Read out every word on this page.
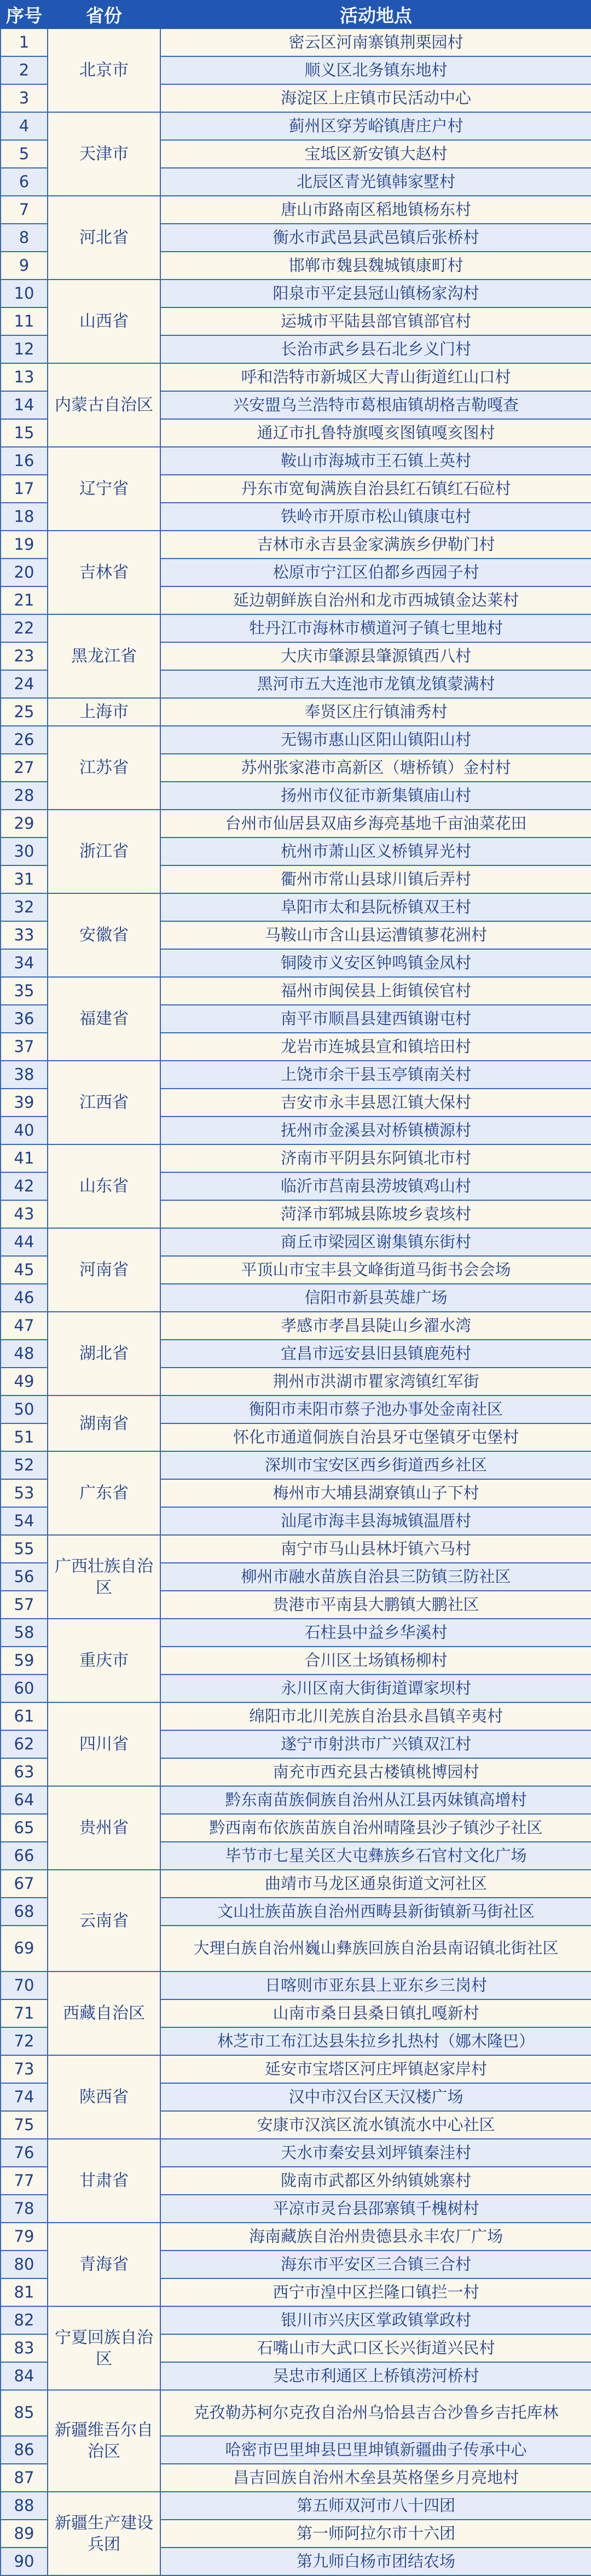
序号	省份	活动地点
1	北京市	密云区河南寨镇荆栗园村
2		顺义区北务镇东地村
3		海淀区上庄镇市民活动中心
4	天津市	蓟州区穿芳峪镇唐庄户村
5		宝坻区新安镇大赵村
6		北辰区青光镇韩家墅村
7	河北省	唐山市路南区稻地镇杨东村
8		衡水市武邑县武邑镇后张桥村
9		邯郸市魏县魏城镇康町村
10	山西省	阳泉市平定县冠山镇杨家沟村
11		运城市平陆县部官镇部官村
12		长治市武乡县石北乡义门村
13	内蒙古自治区	呼和浩特市新城区大青山街道红山口村
14		兴安盟乌兰浩特市葛根庙镇胡格吉勒嘎查
15		通辽市扎鲁特旗嘎亥图镇嘎亥图村
16	辽宁省	鞍山市海城市王石镇上英村
17		丹东市宽甸满族自治县红石镇红石砬村
18		铁岭市开原市松山镇康屯村
19	吉林省	吉林市永吉县金家满族乡伊勒门村
20		松原市宁江区伯都乡西园子村
21		延边朝鲜族自治州和龙市西城镇金达莱村
22	黑龙江省	牡丹江市海林市横道河子镇七里地村
23		大庆市肇源县肇源镇西八村
24		黑河市五大连池市龙镇龙镇蒙满村
25	上海市	奉贤区庄行镇浦秀村
26	江苏省	无锡市惠山区阳山镇阳山村
27		苏州张家港市高新区（塘桥镇）金村村
28		扬州市仪征市新集镇庙山村
29	浙江省	台州市仙居县双庙乡海亮基地千亩油菜花田
30		杭州市萧山区义桥镇昇光村
31		衢州市常山县球川镇后弄村
32	安徽省	阜阳市太和县阮桥镇双王村
33		马鞍山市含山县运漕镇蓼花洲村
34		铜陵市义安区钟鸣镇金凤村
35	福建省	福州市闽侯县上街镇侯官村
36		南平市顺昌县建西镇谢屯村
37		龙岩市连城县宣和镇培田村
38	江西省	上饶市余干县玉亭镇南关村
39		吉安市永丰县恩江镇大保村
40		抚州市金溪县对桥镇横源村
41	山东省	济南市平阴县东阿镇北市村
42		临沂市莒南县涝坡镇鸡山村
43		菏泽市郓城县陈坡乡袁垓村
44	河南省	商丘市梁园区谢集镇东街村
45		平顶山市宝丰县文峰街道马街书会会场
46		信阳市新县英雄广场
47	湖北省	孝感市孝昌县陡山乡濯水湾
48		宜昌市远安县旧县镇鹿苑村
49		荆州市洪湖市瞿家湾镇红军街
50	湖南省	衡阳市耒阳市蔡子池办事处金南社区
51		怀化市通道侗族自治县牙屯堡镇牙屯堡村
52	广东省	深圳市宝安区西乡街道西乡社区
53		梅州市大埔县湖寮镇山子下村
54		汕尾市海丰县海城镇温厝村
55	广西壮族自治区	南宁市马山县林圩镇六马村
56		柳州市融水苗族自治县三防镇三防社区
57		贵港市平南县大鹏镇大鹏社区
58	重庆市	石柱县中益乡华溪村
59		合川区土场镇杨柳村
60		永川区南大街街道谭家坝村
61	四川省	绵阳市北川羌族自治县永昌镇辛夷村
62		遂宁市射洪市广兴镇双江村
63		南充市西充县古楼镇桃博园村
64	贵州省	黔东南苗族侗族自治州从江县丙妹镇高增村
65		黔西南布依族苗族自治州晴隆县沙子镇沙子社区
66		毕节市七星关区大屯彝族乡石官村文化广场
67	云南省	曲靖市马龙区通泉街道文河社区
68		文山壮族苗族自治州西畴县新街镇新马街社区
69		大理白族自治州巍山彝族回族自治县南诏镇北街社区
70	西藏自治区	日喀则市亚东县上亚东乡三岗村
71		山南市桑日县桑日镇扎嘎新村
72		林芝市工布江达县朱拉乡扎热村（娜木隆巴）
73	陕西省	延安市宝塔区河庄坪镇赵家岸村
74		汉中市汉台区天汉楼广场
75		安康市汉滨区流水镇流水中心社区
76	甘肃省	天水市秦安县刘坪镇秦洼村
77		陇南市武都区外纳镇姚寨村
78		平凉市灵台县邵寨镇千槐树村
79	青海省	海南藏族自治州贵德县永丰农厂广场
80		海东市平安区三合镇三合村
81		西宁市湟中区拦隆口镇拦一村
82	宁夏回族自治区	银川市兴庆区掌政镇掌政村
83		石嘴山市大武口区长兴街道兴民村
84		吴忠市利通区上桥镇涝河桥村
85	新疆维吾尔自治区	克孜勒苏柯尔克孜自治州乌恰县吉合沙鲁乡吉托库林
86		哈密市巴里坤县巴里坤镇新疆曲子传承中心
87		昌吉回族自治州木垒县英格堡乡月亮地村
88	新疆生产建设兵团	第五师双河市八十四团
89		第一师阿拉尔市十六团
90		第九师白杨市团结农场
